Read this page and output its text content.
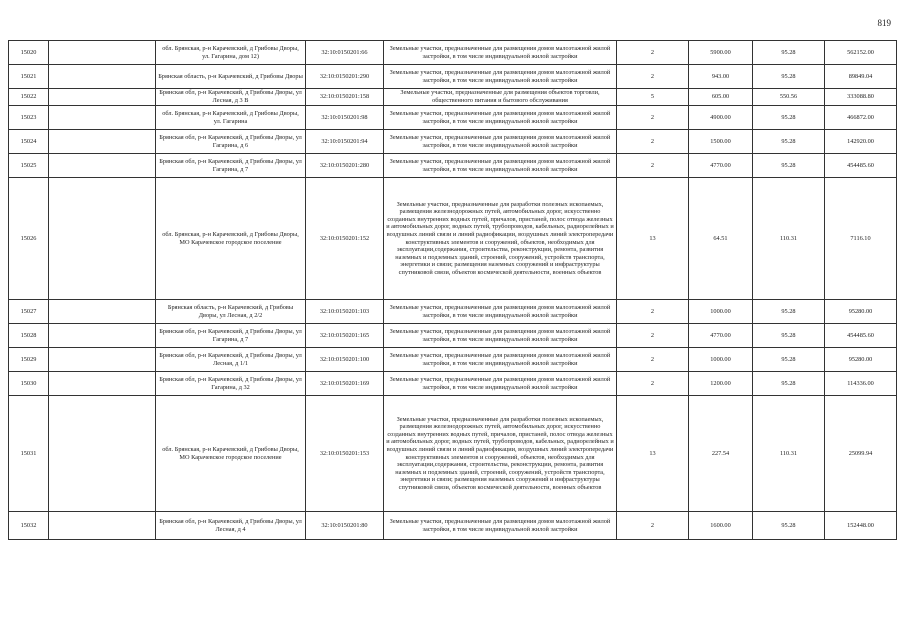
819
15020		обл. Брянская, р-н Карачевский, д Грибовы Дворы, ул. Гагарина, дом 12)	32:10:0150201:66	Земельные участки, предназначенные для размещения домов малоэтажной жилой застройки, в том числе индивидуальной жилой застройки	2	5900.00	95.28	562152.00
15021		Брянская область, р-н Карачевский, д Грибовы Дворы	32:10:0150201:290	Земельные участки, предназначенные для размещения домов малоэтажной жилой застройки, в том числе индивидуальной жилой застройки	2	943.00	95.28	89849.04
15022		Брянская обл, р-н Карачевский, д Грибовы Дворы, ул Лесная, д 3 В	32:10:0150201:158	Земельные участки, предназначенные для размещения объектов торговли, общественного питания и бытового обслуживания	5	605.00	550.56	333088.80
15023		обл. Брянская, р-н Карачевский, д Грибовы Дворы, ул. Гагарина	32:10:0150201:98	Земельные участки, предназначенные для размещения домов малоэтажной жилой застройки, в том числе индивидуальной жилой застройки	2	4900.00	95.28	466872.00
15024		Брянская обл, р-н Карачевский, д Грибовы Дворы, ул Гагарина, д 6	32:10:0150201:94	Земельные участки, предназначенные для размещения домов малоэтажной жилой застройки, в том числе индивидуальной жилой застройки	2	1500.00	95.28	142920.00
15025		Брянская обл, р-н Карачевский, д Грибовы Дворы, ул Гагарина, д 7	32:10:0150201:280	Земельные участки, предназначенные для размещения домов малоэтажной жилой застройки, в том числе индивидуальной жилой застройки	2	4770.00	95.28	454485.60
15026		обл. Брянская, р-н Карачевский, д Грибовы Дворы, МО Карачевское городское поселение	32:10:0150201:152	Земельные участки, предназначенные для разработки полезных ископаемых, размещения железнодорожных путей, автомобильных дорог, искусственно созданных внутренних водных путей, причалов, пристаней, полос отвода железных и автомобильных дорог, водных путей, трубопроводов, кабельных, радиорелейных и воздушных линий связи и линий радиофикации, воздушных линий электропередачи конструктивных элементов и сооружений, объектов, необходимых для эксплуатации,содержания, строительства, реконструкции, ремонта, развития наземных и подземных зданий, строений, сооружений, устройств транспорта, энергетики и связи; размещения наземных сооружений и инфраструктуры спутниковой связи, объектов космической деятельности, военных объектов	13	64.51	110.31	7116.10
15027		Брянская область, р-н Карачевский, д Грибовы Дворы, ул Лесная, д 2/2	32:10:0150201:103	Земельные участки, предназначенные для размещения домов малоэтажной жилой застройки, в том числе индивидуальной жилой застройки	2	1000.00	95.28	95280.00
15028		Брянская обл, р-н Карачевский, д Грибовы Дворы, ул Гагарина, д 7	32:10:0150201:165	Земельные участки, предназначенные для размещения домов малоэтажной жилой застройки, в том числе индивидуальной жилой застройки	2	4770.00	95.28	454485.60
15029		Брянская обл, р-н Карачевский, д Грибовы Дворы, ул Лесная, д 1/1	32:10:0150201:100	Земельные участки, предназначенные для размещения домов малоэтажной жилой застройки, в том числе индивидуальной жилой застройки	2	1000.00	95.28	95280.00
15030		Брянская обл, р-н Карачевский, д Грибовы Дворы, ул Гагарина, д 32	32:10:0150201:169	Земельные участки, предназначенные для размещения домов малоэтажной жилой застройки, в том числе индивидуальной жилой застройки	2	1200.00	95.28	114336.00
15031		обл. Брянская, р-н Карачевский, д Грибовы Дворы, МО Карачевское городское поселение	32:10:0150201:153	Земельные участки, предназначенные для разработки полезных ископаемых, размещения железнодорожных путей, автомобильных дорог, искусственно созданных внутренних водных путей, причалов, пристаней, полос отвода железных и автомобильных дорог, водных путей, трубопроводов, кабельных, радиорелейных и воздушных линий связи и линий радиофикации, воздушных линий электропередачи конструктивных элементов и сооружений, объектов, необходимых для эксплуатации,содержания, строительства, реконструкции, ремонта, развития наземных и подземных зданий, строений, сооружений, устройств транспорта, энергетики и связи; размещения наземных сооружений и инфраструктуры спутниковой связи, объектов космической деятельности, военных объектов	13	227.54	110.31	25099.94
15032		Брянская обл, р-н Карачевский, д Грибовы Дворы, ул Лесная, д 4	32:10:0150201:80	Земельные участки, предназначенные для размещения домов малоэтажной жилой застройки, в том числе индивидуальной жилой застройки	2	1600.00	95.28	152448.00
